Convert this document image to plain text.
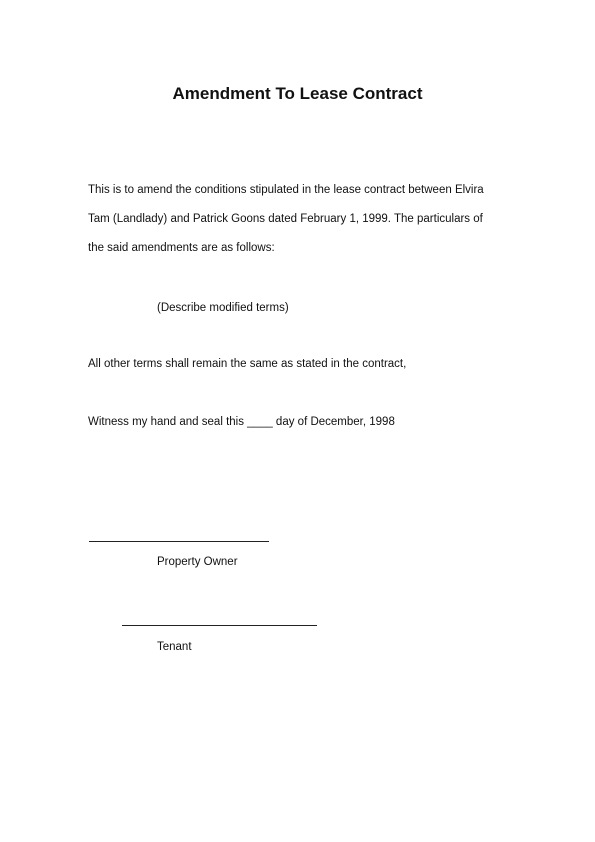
Amendment To Lease Contract
This is to amend the conditions stipulated in the lease contract between Elvira
Tam (Landlady) and Patrick Goons dated February 1, 1999. The particulars of
the said amendments are as follows:

(Describe modified terms)

All other terms shall remain the same as stated in the contract,

Witness my hand and seal this ____ day of December, 1998

Property Owner

Tenant
